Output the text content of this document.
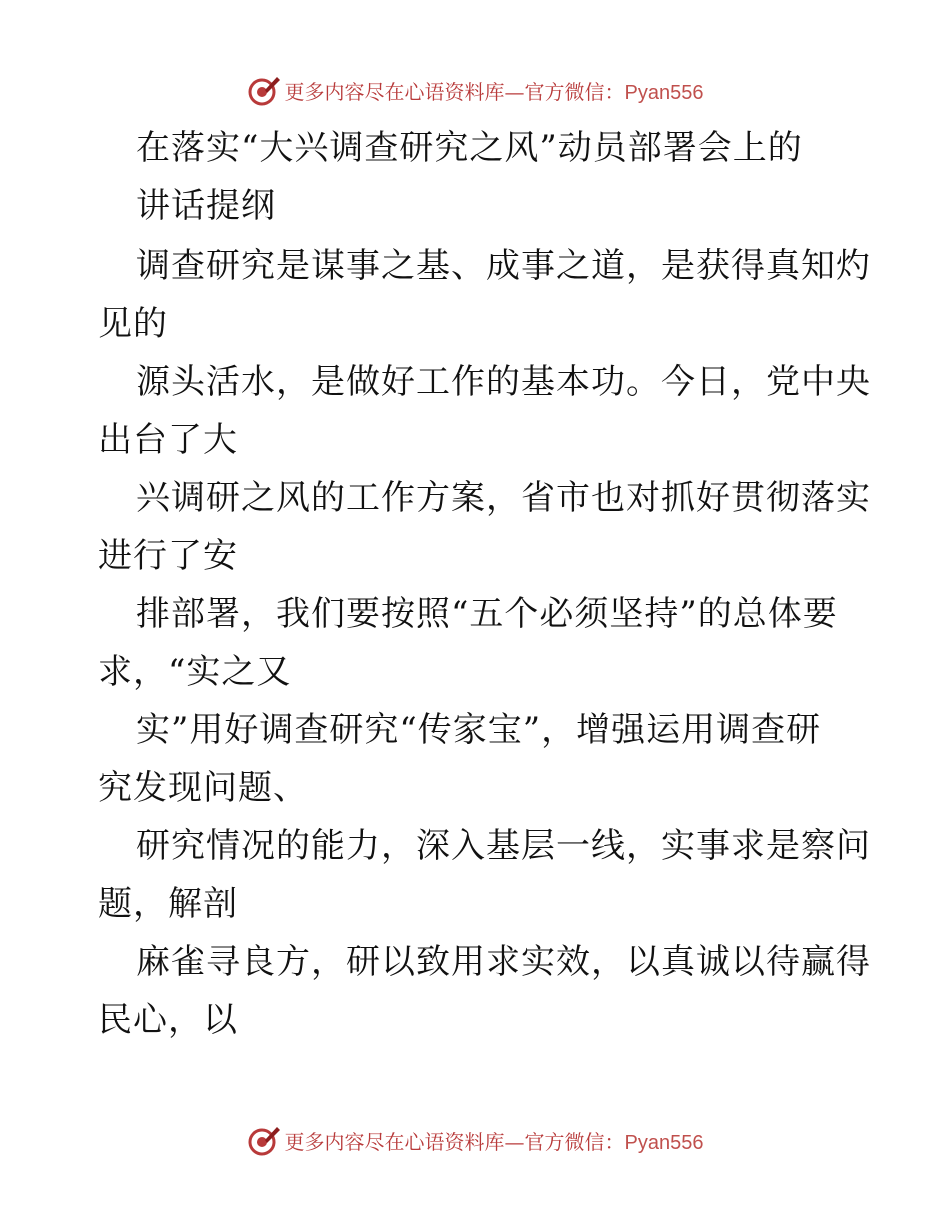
更多内容尽在心语资料库—官方微信：Pyan556
在落实“大兴调查研究之风”动员部署会上的
讲话提纲
调查研究是谋事之基、成事之道，是获得真知灼
见的
源头活水，是做好工作的基本功。今日，党中央
出台了大
兴调研之风的工作方案，省市也对抓好贯彻落实
进行了安
排部署，我们要按照“五个必须坚持”的总体要
求，“实之又
实”用好调查研究“传家宝”，增强运用调查研
究发现问题、
研究情况的能力，深入基层一线，实事求是察问
题，解剖
麻雀寻良方，研以致用求实效，以真诚以待赢得
民心，以
更多内容尽在心语资料库—官方微信：Pyan556
